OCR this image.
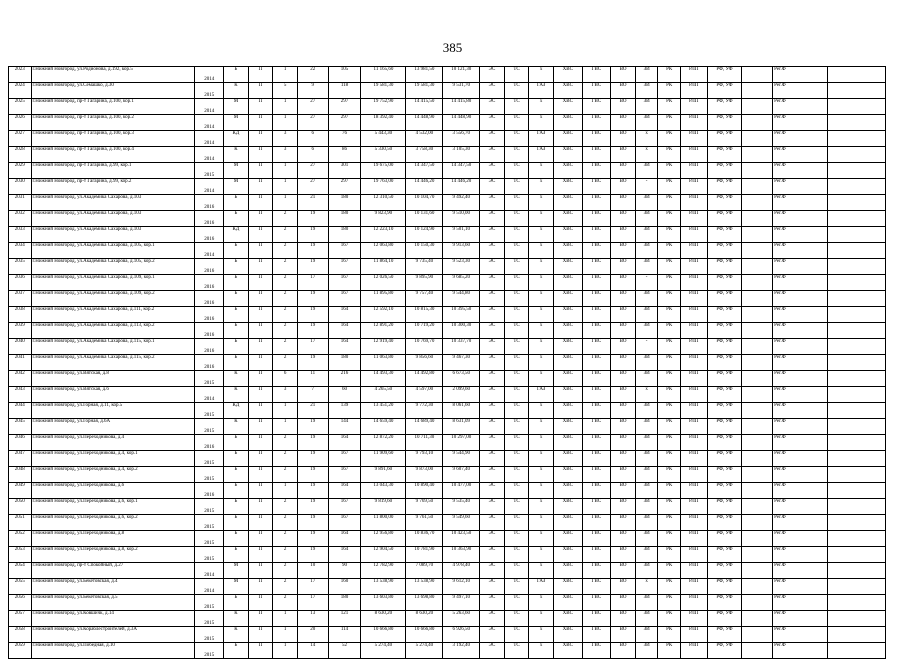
385
2023	г.Нижний Новгород, ул.Родионова, д.192, кор.5	2014	Б	П	1	22	105	11 165,60	13 981,50	10 121,30	ЭС	ТС	х	ХВС	ГВС	ВО	ЗИ	РК	РЛП	РФ, УФ		Рег.Ф	
2024	г.Нижний Новгород, ул.Семашко, д.30	2015	К	П	5	9	118	19 581,30	19 581,30	9 531,70	ЭС	ТС	ГАЗ	ХВС	ГВС	ВО	ЗИ	РК	РЛП	РФ, УФ		Рег.Ф	
2025	г.Нижний Новгород, пр-т Гагарина, д.100, кор.1	2014	М	П	1	27	297	19 752,90	14 415,50	14 415,80	ЭС	ТС	х	ХВС	ГВС	ВО	ЗИ	РК	РЛП	РФ, УФ		Рег.Ф	
2026	г.Нижний Новгород, пр-т Гагарина, д.100, кор.2	2014	М	П	1	27	297	18 392,40	14 448,90	14 448,90	ЭС	ТС	х	ХВС	ГВС	ВО	ЗИ	РК	РЛП	РФ, УФ		Рег.Ф	
2027	г.Нижний Новгород, пр-т Гагарина, д.100, кор.3	2014	КД	П	3	6	76	5 443,30	4 532,00	3 556,70	ЭС	ТС	ГАЗ	ХВС	ГВС	ВО	х	РК	РЛП	РФ, УФ		Рег.Ф	
2028	г.Нижний Новгород, пр-т Гагарина, д.100, кор.4	2014	К	П	3	6	86	5 330,50	3 758,30	3 105,30	ЭС	ТС	ГАЗ	ХВС	ГВС	ВО	х	РК	РЛП	РФ, УФ		Рег.Ф	
2029	г.Нижний Новгород, пр-т Гагарина, д.99, кор.1	2015	М	П	1	27	301	19 675,00	14 347,50	14 347,50	ЭС	ТС	х	ХВС	ГВС	ВО	ЗИ	РК	РЛП	РФ, УФ		Рег.Ф	
2030	г.Нижний Новгород, пр-т Гагарина, д.99, кор.2	2014	М	П	1	27	297	19 763,00	14 446,20	14 446,20	ЭС	ТС	х	ХВС	ГВС	ВО	-	РК	РЛП	РФ, УФ		Рег.Ф	
2031	г.Нижний Новгород, ул.Академика Сахарова, д.103	2016	Б	П	1	21	180	12 310,50	10 104,70	9 492,40	ЭС	ТС	х	ХВС	ГВС	ВО	ЗИ	РК	РЛП	РФ, УФ		Рег.Ф	
2032	г.Нижний Новгород, ул.Академика Сахарова, д.103	2016	Б	П	2	19	180	9 823,90	10 131,60	9 510,00	ЭС	ТС	х	ХВС	ГВС	ВО	ЗИ	РК	РЛП	РФ, УФ		Рег.Ф	
2033	г.Нижний Новгород, ул.Академика Сахарова, д.103	2016	КД	П	2	19	180	12 223,10	10 124,90	9 501,10	ЭС	ТС	х	ХВС	ГВС	ВО	ЗИ	РК	РЛП	РФ, УФ		Рег.Ф	
2034	г.Нижний Новгород, ул.Академика Сахарова, д.105, кор.1	2014	Б	П	2	19	167	12 063,80	10 150,30	9 913,60	ЭС	ТС	х	ХВС	ГВС	ВО	ЗИ	РК	РЛП	РФ, УФ		Рег.Ф	
2035	г.Нижний Новгород, ул.Академика Сахарова, д.105, кор.2	2016	Б	П	2	19	167	11 864,10	9 735,40	9 523,30	ЭС	ТС	х	ХВС	ГВС	ВО	ЗИ	РК	РЛП	РФ, УФ		Рег.Ф	
2036	г.Нижний Новгород, ул.Академика Сахарова, д.109, кор.1	2016	Б	П	2	17	167	12 026,50	9 895,90	9 685,20	ЭС	ТС	х	ХВС	ГВС	ВО	-	РК	РЛП	РФ, УФ		Рег.Ф	
2037	г.Нижний Новгород, ул.Академика Сахарова, д.109, кор.2	2016	Б	П	2	19	167	11 895,80	9 757,40	9 544,80	ЭС	ТС	х	ХВС	ГВС	ВО	ЗИ	РК	РЛП	РФ, УФ		Рег.Ф	
2038	г.Нижний Новгород, ул.Академика Сахарова, д.111, кор.2	2016	Б	П	2	19	164	12 592,10	10 815,30	10 395,50	ЭС	ТС	х	ХВС	ГВС	ВО	ЗИ	РК	РЛП	РФ, УФ		Рег.Ф	
2039	г.Нижний Новгород, ул.Академика Сахарова, д.113, кор.2	2016	Б	П	2	19	164	12 891,20	10 719,20	10 300,30	ЭС	ТС	х	ХВС	ГВС	ВО	ЗИ	РК	РЛП	РФ, УФ		Рег.Ф	
2040	г.Нижний Новгород, ул.Академика Сахарова, д.115, кор.1	2016	Б	П	2	17	164	12 919,40	10 769,70	10 337,70	ЭС	ТС	х	ХВС	ГВС	ВО	-	РК	РЛП	РФ, УФ		Рег.Ф	
2041	г.Нижний Новгород, ул.Академика Сахарова, д.115, кор.2	2016	Б	П	2	19	180	11 063,80	9 856,60	9 467,30	ЭС	ТС	х	ХВС	ГВС	ВО	ЗИ	РК	РЛП	РФ, УФ		Рег.Ф	
2042	г.Нижний Новгород, ул.Вятская, д.8	2015	К	П	6	11	216	14 493,30	14 492,80	6 673,50	ЭС	ТС	х	ХВС	ГВС	ВО	ЗИ	РК	РЛП	РФ, УФ		Рег.Ф	
2043	г.Нижний Новгород, ул.Вятская, д.6	2014	К	П	3	7	60	4 265,50	4 597,00	2 099,60	ЭС	ТС	ГАЗ	ХВС	ГВС	ВО	х	РК	РЛП	РФ, УФ		Рег.Ф	
2044	г.Нижний Новгород, ул.Горная, д.11, кор.5	2015	КД	П	1	21	139	13 451,20	9 772,30	8 061,60	ЭС	ТС	х	ХВС	ГВС	ВО	ЗИ	РК	РЛП	РФ, УФ		Рег.Ф	
2045	г.Нижний Новгород, ул.Горная, д.6А	2015	К	П	1	19	144	14 659,40	14 689,40	8 631,09	ЭС	ТС	х	ХВС	ГВС	ВО	ЗИ	РК	РЛП	РФ, УФ		Рег.Ф	
2046	г.Нижний Новгород, ул.Переходникова, д.4	2016	Б	П	2	19	164	12 872,20	10 711,30	10 297,00	ЭС	ТС	х	ХВС	ГВС	ВО	ЗИ	РК	РЛП	РФ, УФ		Рег.Ф	
2047	г.Нижний Новгород, ул.Переходникова, д.4, кор.1	2015	Б	П	2	19	167	11 909,60	9 793,10	9 544,90	ЭС	ТС	х	ХВС	ГВС	ВО	ЗИ	РК	РЛП	РФ, УФ		Рег.Ф	
2048	г.Нижний Новгород, ул.Переходникова, д.4, кор.2	2015	Б	П	2	19	167	9 891,60	9 873,00	9 607,40	ЭС	ТС	х	ХВС	ГВС	ВО	ЗИ	РК	РЛП	РФ, УФ		Рег.Ф	
2049	г.Нижний Новгород, ул.Переходникова, д.6	2016	Б	П	1	19	164	13 043,30	10 890,40	10 477,00	ЭС	ТС	х	ХВС	ГВС	ВО	ЗИ	РК	РЛП	РФ, УФ		Рег.Ф	
2050	г.Нижний Новгород, ул.Переходникова, д.6, кор.1	2015	Б	П	2	19	167	9 819,60	9 769,50	9 535,40	ЭС	ТС	х	ХВС	ГВС	ВО	ЗИ	РК	РЛП	РФ, УФ		Рег.Ф	
2051	г.Нижний Новгород, ул.Переходникова, д.6, кор.2	2015	Б	П	2	19	167	11 800,00	9 761,50	9 549,60	ЭС	ТС	х	ХВС	ГВС	ВО	ЗИ	РК	РЛП	РФ, УФ		Рег.Ф	
2052	г.Нижний Новгород, ул.Переходникова, д.8	2015	Б	П	2	19	164	12 956,80	10 836,70	10 423,50	ЭС	ТС	х	ХВС	ГВС	ВО	ЗИ	РК	РЛП	РФ, УФ		Рег.Ф	
2053	г.Нижний Новгород, ул.Переходникова, д.8, кор.2	2015	Б	П	2	19	164	12 904,50	10 781,90	10 363,90	ЭС	ТС	х	ХВС	ГВС	ВО	ЗИ	РК	РЛП	РФ, УФ		Рег.Ф	
2054	г.Нижний Новгород, пр-т Спокойный, д.27	2014	М	П	2	10	90	12 782,90	7 089,70	4 978,40	ЭС	ТС	х	ХВС	ГВС	ВО	ЗИ	РК	РЛП	РФ, УФ		Рег.Ф	
2055	г.Нижний Новгород, ул.Бекетовская, д.4	2014	М	П	2	17	160	13 538,90	13 538,90	9 612,10	ЭС	ТС	ГАЗ	ХВС	ГВС	ВО	х	РК	РЛП	РФ, УФ		Рег.Ф	
2056	г.Нижний Новгород, ул.Бекетовская, д.5	2015	Б	П	2	17	180	13 603,80	13 698,80	9 497,10	ЭС	ТС	х	ХВС	ГВС	ВО	ЗИ	РК	РЛП	РФ, УФ		Рег.Ф	
2057	г.Нижний Новгород, ул.Ковшичк, д.14	2015	К	П	1	13	121	8 630,20	8 630,20	5 263,60	ЭС	ТС	х	ХВС	ГВС	ВО	ЗИ	РК	РЛП	РФ, УФ		Рег.Ф	
2058	г.Нижний Новгород, ул.Кораблестроителей, д.3А	2015	К	П	1	20	114	10 666,80	10 666,80	6 926,50	ЭС	ТС	х	ХВС	ГВС	ВО	ЗИ	РК	РЛП	РФ, УФ		Рег.Ф	
2059	г.Нижний Новгород, ул.Победная, д.10	2015	Б	П	1	14	52	5 274,40	5 274,40	3 192,40	ЭС	ТС	х	ХВС	ГВС	ВО	ЗИ	РК	РЛП	РФ, УФ		Рег.Ф	
